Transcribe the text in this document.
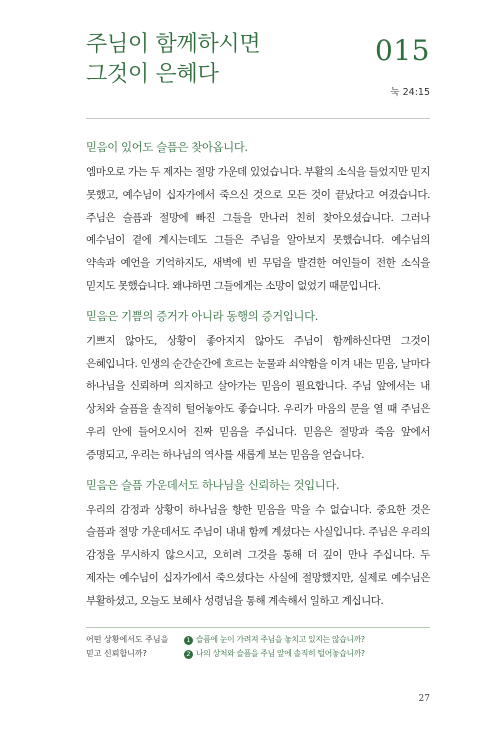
주님이 함께하시면
그것이 은혜다
015
눅 24:15
믿음이 있어도 슬픔은 찾아옵니다.

엠마오로 가는 두 제자는 절망 가운데 있었습니다. 부활의 소식을 들었지만 믿지 못했고, 예수님이 십자가에서 죽으신 것으로 모든 것이 끝났다고 여겼습니다. 주님은 슬픔과 절망에 빠진 그들을 만나러 친히 찾아오셨습니다. 그러나 예수님이 곁에 계시는데도 그들은 주님을 알아보지 못했습니다. 예수님의 약속과 예언을 기억하지도, 새벽에 빈 무덤을 발견한 여인들이 전한 소식을 믿지도 못했습니다. 왜냐하면 그들에게는 소망이 없었기 때문입니다.

믿음은 기쁨의 증거가 아니라 동행의 증거입니다.

기쁘지 않아도, 상황이 좋아지지 않아도 주님이 함께하신다면 그것이 은혜입니다. 인생의 순간순간에 흐르는 눈물과 쇠약함을 이겨 내는 믿음, 날마다 하나님을 신뢰하며 의지하고 살아가는 믿음이 필요합니다. 주님 앞에서는 내 상처와 슬픔을 솔직히 털어놓아도 좋습니다. 우리가 마음의 문을 열 때 주님은 우리 안에 들어오시어 진짜 믿음을 주십니다. 믿음은 절망과 죽음 앞에서 증명되고, 우리는 하나님의 역사를 새롭게 보는 믿음을 얻습니다.

믿음은 슬픔 가운데서도 하나님을 신뢰하는 것입니다.

우리의 감정과 상황이 하나님을 향한 믿음을 막을 수 없습니다. 중요한 것은 슬픔과 절망 가운데서도 주님이 내내 함께 계셨다는 사실입니다. 주님은 우리의 감정을 무시하지 않으시고, 오히려 그것을 통해 더 깊이 만나 주십니다. 두 제자는 예수님이 십자가에서 죽으셨다는 사실에 절망했지만, 실제로 예수님은 부활하셨고, 오늘도 보혜사 성령님을 통해 계속해서 일하고 계십니다.

어떤 상황에서도 주님을 믿고 신뢰합니까?
1 슬픔에 눈이 가려져 주님을 놓치고 있지는 않습니까?
2 나의 상처와 슬픔을 주님 앞에 솔직히 털어놓습니까?
27
